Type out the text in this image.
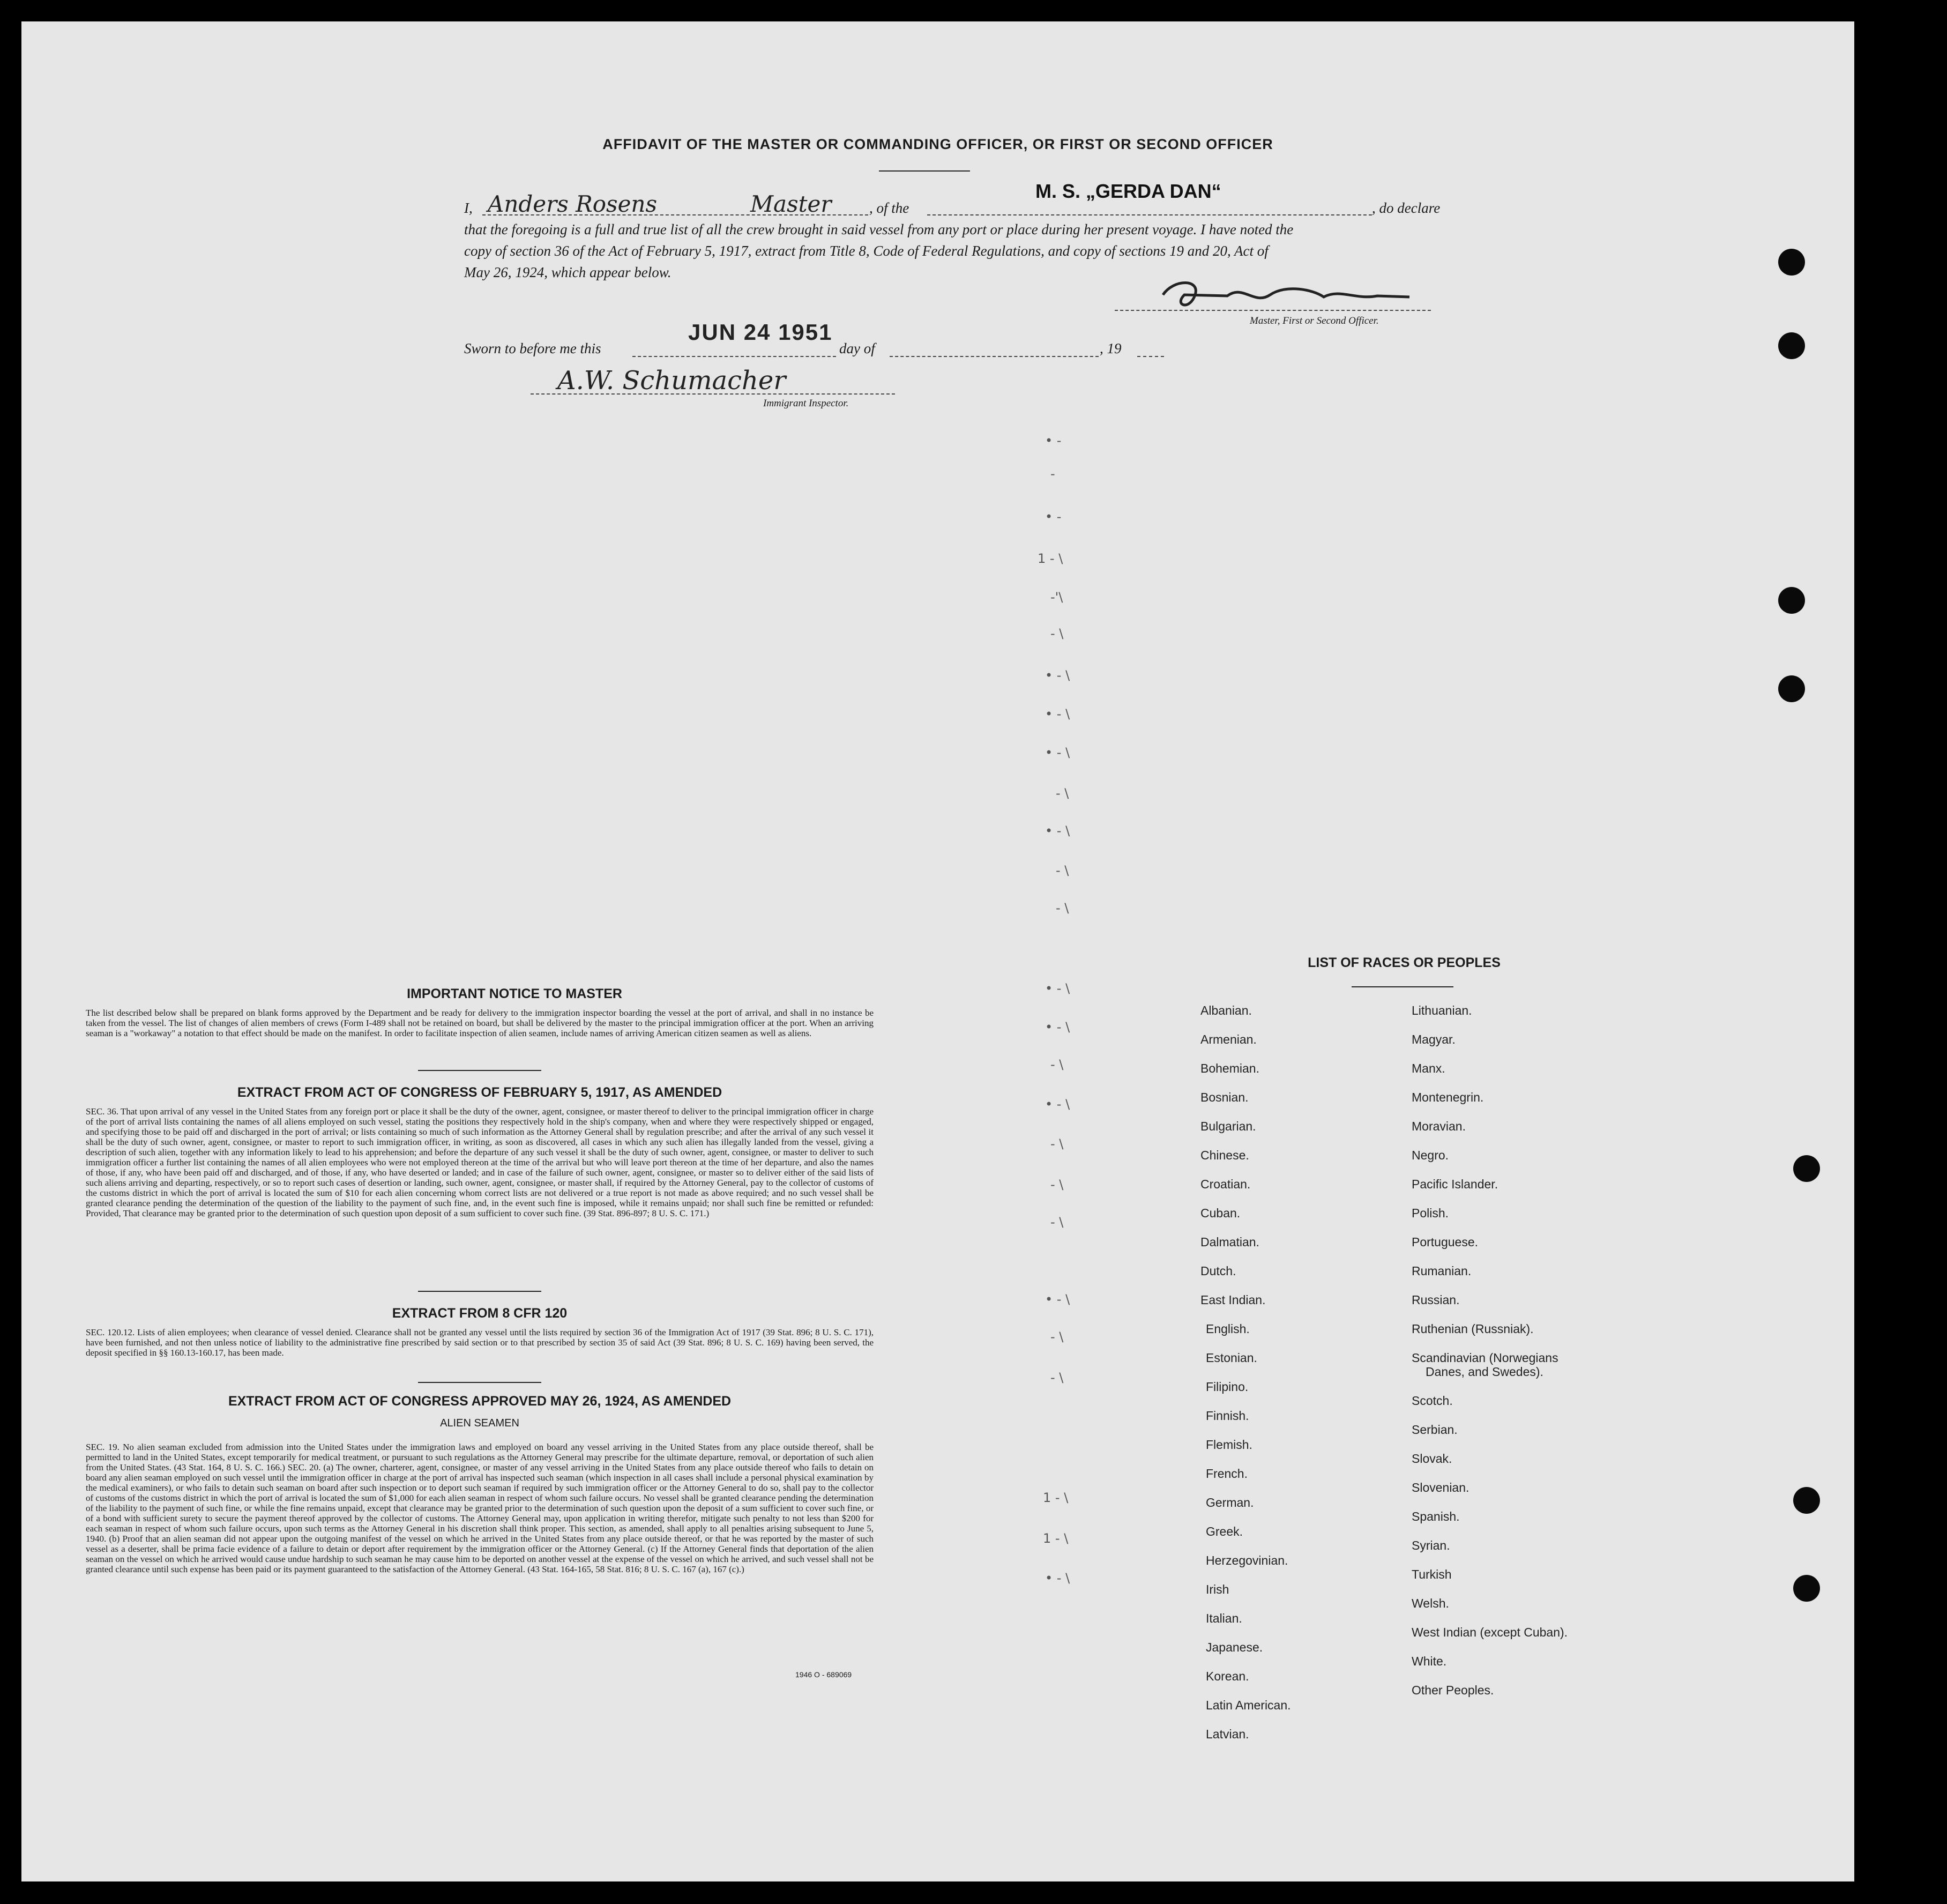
AFFIDAVIT OF THE MASTER OR COMMANDING OFFICER, OR FIRST OR SECOND OFFICER
I, Anders Rosens	Master	, of the
M. S. „GERDA DAN“
, do declare
that the foregoing is a full and true list of all the crew brought in said vessel from any port or place during her present voyage. I have noted the
copy of section 36 of the Act of February 5, 1917, extract from Title 8, Code of Federal Regulations, and copy of sections 19 and 20, Act of
May 26, 1924, which appear below.
Master, First or Second Officer.
Sworn to before me this
JUN 24 1951
day of	, 19
A.W. Schumacher
Immigrant Inspector.
• -
-
• -
1 - \
-'\
- \
• - \
• - \
• - \
- \
• - \
- \
- \
• - \
• - \
- \
• - \
- \
- \
- \
• - \
- \
- \
1 - \
1 - \
• - \
IMPORTANT NOTICE TO MASTER
The list described below shall be prepared on blank forms approved by the Department and be ready for delivery to the immigration inspector boarding the vessel at the port of arrival, and shall in no instance be taken from the vessel. The list of changes of alien members of crews (Form I-489 shall not be retained on board, but shall be delivered by the master to the principal immigration officer at the port. When an arriving seaman is a "workaway" a notation to that effect should be made on the manifest. In order to facilitate inspection of alien seamen, include names of arriving American citizen seamen as well as aliens.
EXTRACT FROM ACT OF CONGRESS OF FEBRUARY 5, 1917, AS AMENDED
SEC. 36. That upon arrival of any vessel in the United States from any foreign port or place it shall be the duty of the owner, agent, consignee, or master thereof to deliver to the principal immigration officer in charge of the port of arrival lists containing the names of all aliens employed on such vessel, stating the positions they respectively hold in the ship's company, when and where they were respectively shipped or engaged, and specifying those to be paid off and discharged in the port of arrival; or lists containing so much of such information as the Attorney General shall by regulation prescribe; and after the arrival of any such vessel it shall be the duty of such owner, agent, consignee, or master to report to such immigration officer, in writing, as soon as discovered, all cases in which any such alien has illegally landed from the vessel, giving a description of such alien, together with any information likely to lead to his apprehension; and before the departure of any such vessel it shall be the duty of such owner, agent, consignee, or master to deliver to such immigration officer a further list containing the names of all alien employees who were not employed thereon at the time of the arrival but who will leave port thereon at the time of her departure, and also the names of those, if any, who have been paid off and discharged, and of those, if any, who have deserted or landed; and in case of the failure of such owner, agent, consignee, or master so to deliver either of the said lists of such aliens arriving and departing, respectively, or so to report such cases of desertion or landing, such owner, agent, consignee, or master shall, if required by the Attorney General, pay to the collector of customs of the customs district in which the port of arrival is located the sum of $10 for each alien concerning whom correct lists are not delivered or a true report is not made as above required; and no such vessel shall be granted clearance pending the determination of the question of the liability to the payment of such fine, and, in the event such fine is imposed, while it remains unpaid; nor shall such fine be remitted or refunded: Provided, That clearance may be granted prior to the determination of such question upon deposit of a sum sufficient to cover such fine. (39 Stat. 896-897; 8 U. S. C. 171.)
EXTRACT FROM 8 CFR 120
SEC. 120.12. Lists of alien employees; when clearance of vessel denied. Clearance shall not be granted any vessel until the lists required by section 36 of the Immigration Act of 1917 (39 Stat. 896; 8 U. S. C. 171), have been furnished, and not then unless notice of liability to the administrative fine prescribed by said section or to that prescribed by section 35 of said Act (39 Stat. 896; 8 U. S. C. 169) having been served, the deposit specified in §§ 160.13-160.17, has been made.
EXTRACT FROM ACT OF CONGRESS APPROVED MAY 26, 1924, AS AMENDED
ALIEN SEAMEN
SEC. 19. No alien seaman excluded from admission into the United States under the immigration laws and employed on board any vessel arriving in the United States from any place outside thereof, shall be permitted to land in the United States, except temporarily for medical treatment, or pursuant to such regulations as the Attorney General may prescribe for the ultimate departure, removal, or deportation of such alien from the United States. (43 Stat. 164, 8 U. S. C. 166.) SEC. 20. (a) The owner, charterer, agent, consignee, or master of any vessel arriving in the United States from any place outside thereof who fails to detain on board any alien seaman employed on such vessel until the immigration officer in charge at the port of arrival has inspected such seaman (which inspection in all cases shall include a personal physical examination by the medical examiners), or who fails to detain such seaman on board after such inspection or to deport such seaman if required by such immigration officer or the Attorney General to do so, shall pay to the collector of customs of the customs district in which the port of arrival is located the sum of $1,000 for each alien seaman in respect of whom such failure occurs. No vessel shall be granted clearance pending the determination of the liability to the payment of such fine, or while the fine remains unpaid, except that clearance may be granted prior to the determination of such question upon the deposit of a sum sufficient to cover such fine, or of a bond with sufficient surety to secure the payment thereof approved by the collector of customs. The Attorney General may, upon application in writing therefor, mitigate such penalty to not less than $200 for each seaman in respect of whom such failure occurs, upon such terms as the Attorney General in his discretion shall think proper. This section, as amended, shall apply to all penalties arising subsequent to June 5, 1940. (b) Proof that an alien seaman did not appear upon the outgoing manifest of the vessel on which he arrived in the United States from any place outside thereof, or that he was reported by the master of such vessel as a deserter, shall be prima facie evidence of a failure to detain or deport after requirement by the immigration officer or the Attorney General. (c) If the Attorney General finds that deportation of the alien seaman on the vessel on which he arrived would cause undue hardship to such seaman he may cause him to be deported on another vessel at the expense of the vessel on which he arrived, and such vessel shall not be granted clearance until such expense has been paid or its payment guaranteed to the satisfaction of the Attorney General. (43 Stat. 164-165, 58 Stat. 816; 8 U. S. C. 167 (a), 167 (c).)
1946 O - 689069
LIST OF RACES OR PEOPLES
Albanian.
Armenian.
Bohemian.
Bosnian.
Bulgarian.
Chinese.
Croatian.
Cuban.
Dalmatian.
Dutch.
East Indian.
English.
Estonian.
Filipino.
Finnish.
Flemish.
French.
German.
Greek.
Herzegovinian.
Irish
Italian.
Japanese.
Korean.
Latin American.
Latvian.
Lithuanian.
Magyar.
Manx.
Montenegrin.
Moravian.
Negro.
Pacific Islander.
Polish.
Portuguese.
Rumanian.
Russian.
Ruthenian (Russniak).
Scandinavian (Norwegians
Danes, and Swedes).
Scotch.
Serbian.
Slovak.
Slovenian.
Spanish.
Syrian.
Turkish
Welsh.
West Indian (except Cuban).
White.
Other Peoples.
